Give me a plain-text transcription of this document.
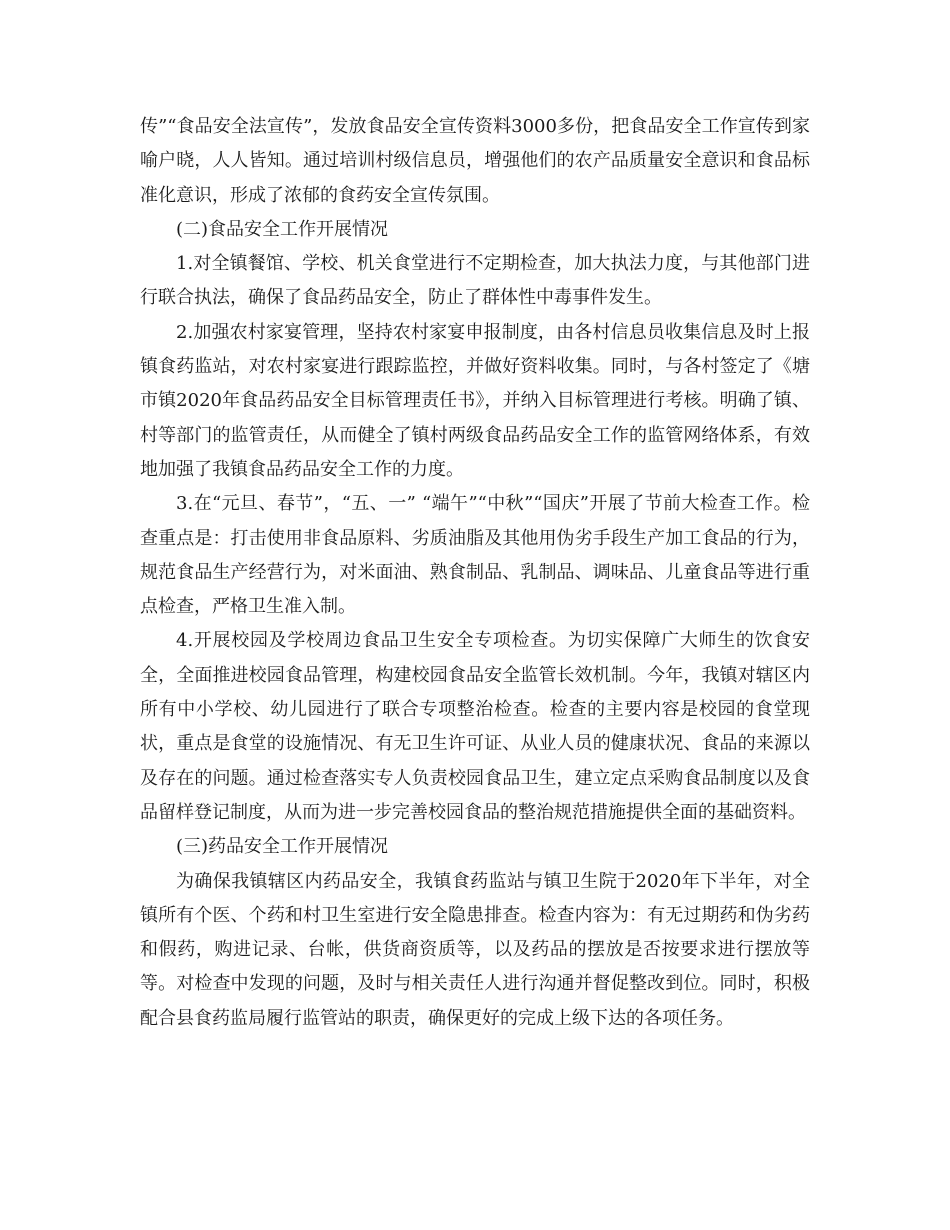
传”“食品安全法宣传”，发放食品安全宣传资料3000多份，把食品安全工作宣传到家喻户晓，人人皆知。通过培训村级信息员，增强他们的农产品质量安全意识和食品标准化意识，形成了浓郁的食药安全宣传氛围。

(二)食品安全工作开展情况

1.对全镇餐馆、学校、机关食堂进行不定期检查，加大执法力度，与其他部门进行联合执法，确保了食品药品安全，防止了群体性中毒事件发生。

2.加强农村家宴管理，坚持农村家宴申报制度，由各村信息员收集信息及时上报镇食药监站，对农村家宴进行跟踪监控，并做好资料收集。同时，与各村签定了《塘市镇2020年食品药品安全目标管理责任书》，并纳入目标管理进行考核。明确了镇、村等部门的监管责任，从而健全了镇村两级食品药品安全工作的监管网络体系，有效地加强了我镇食品药品安全工作的力度。

3.在“元旦、春节”，“五、一” “端午”“中秋”“国庆”开展了节前大检查工作。检查重点是：打击使用非食品原料、劣质油脂及其他用伪劣手段生产加工食品的行为，规范食品生产经营行为，对米面油、熟食制品、乳制品、调味品、儿童食品等进行重点检查，严格卫生准入制。

4.开展校园及学校周边食品卫生安全专项检查。为切实保障广大师生的饮食安全，全面推进校园食品管理，构建校园食品安全监管长效机制。今年，我镇对辖区内所有中小学校、幼儿园进行了联合专项整治检查。检查的主要内容是校园的食堂现状，重点是食堂的设施情况、有无卫生许可证、从业人员的健康状况、食品的来源以及存在的问题。通过检查落实专人负责校园食品卫生，建立定点采购食品制度以及食品留样登记制度，从而为进一步完善校园食品的整治规范措施提供全面的基础资料。

(三)药品安全工作开展情况

为确保我镇辖区内药品安全，我镇食药监站与镇卫生院于2020年下半年，对全镇所有个医、个药和村卫生室进行安全隐患排查。检查内容为：有无过期药和伪劣药和假药，购进记录、台帐，供货商资质等，以及药品的摆放是否按要求进行摆放等等。对检查中发现的问题，及时与相关责任人进行沟通并督促整改到位。同时，积极配合县食药监局履行监管站的职责，确保更好的完成上级下达的各项任务。
